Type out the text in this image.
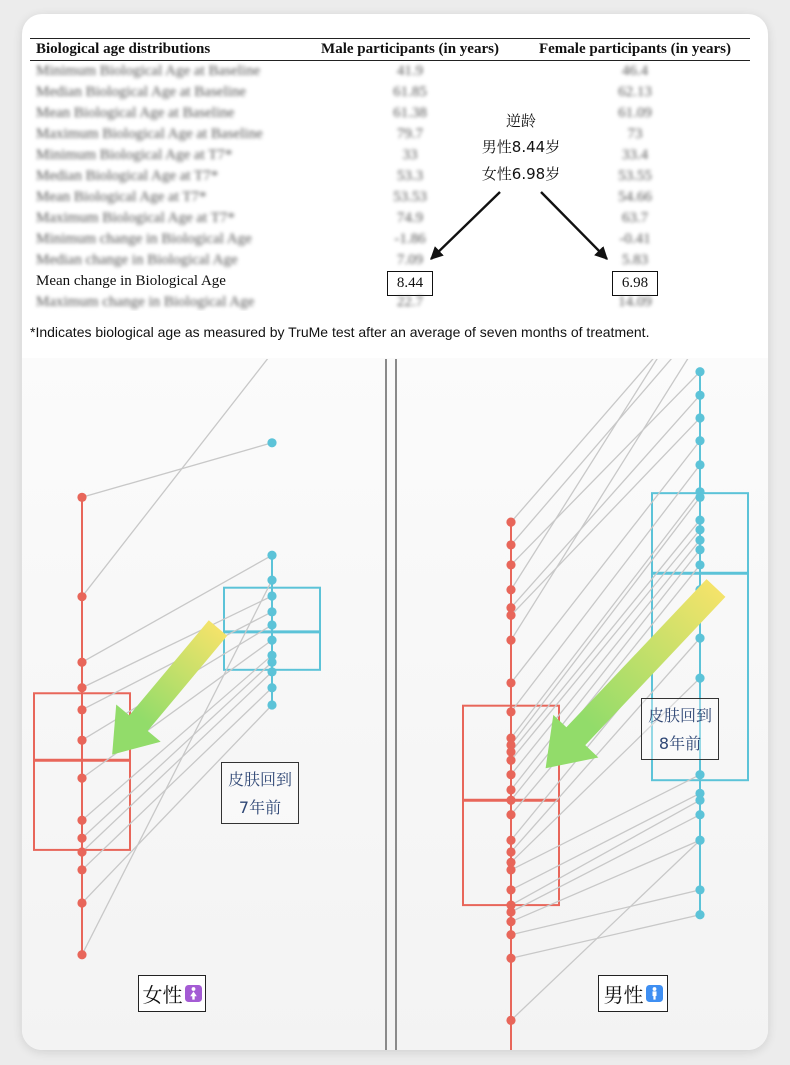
Biological age distributions	Male participants (in years)	Female participants (in years)
Minimum Biological Age at Baseline	41.9	46.4
Median Biological Age at Baseline	61.85	62.13
Mean Biological Age at Baseline	61.38	61.09
Maximum Biological Age at Baseline	79.7	73
Minimum Biological Age at T7*	33	33.4
Median Biological Age at T7*	53.3	53.55
Mean Biological Age at T7*	53.53	54.66
Maximum Biological Age at T7*	74.9	63.7
Minimum change in Biological Age	-1.86	-0.41
Median change in Biological Age	7.09	5.83
Mean change in Biological Age	8.44	6.98
Maximum change in Biological Age	22.7	14.09
逆龄
男性8.44岁
女性6.98岁
*Indicates biological age as measured by TruMe test after an average of seven months of treatment.
皮肤回到
7年前
皮肤回到
8年前
女性	男性
